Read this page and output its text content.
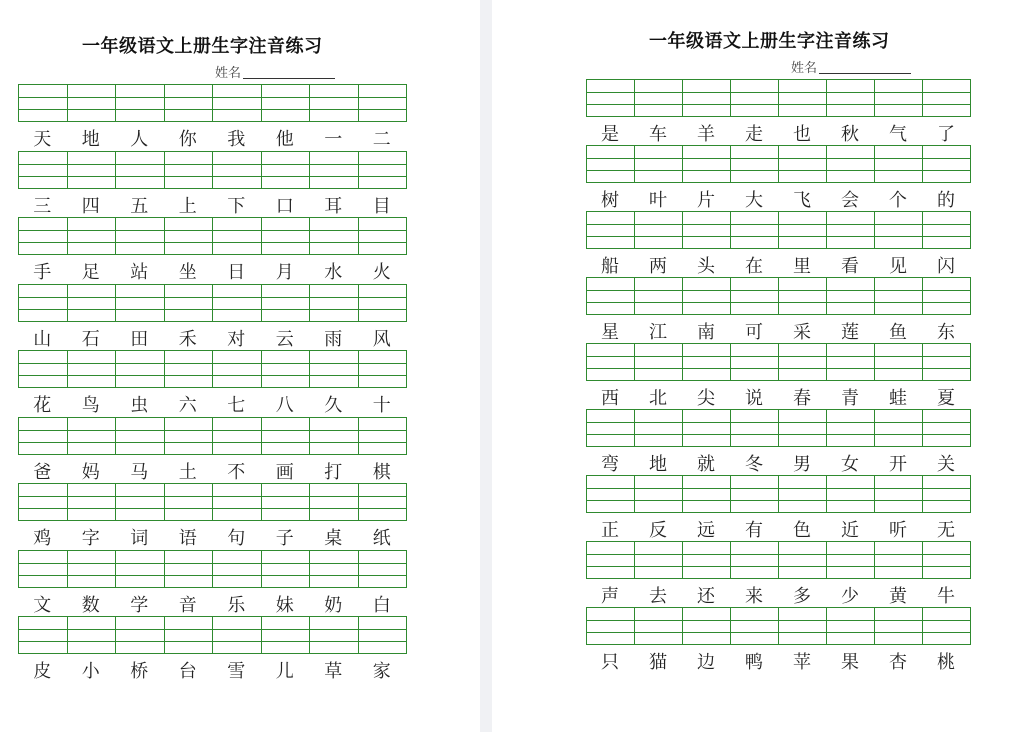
一年级语文上册生字注音练习
姓名
天	地	人	你	我	他	一	二
三	四	五	上	下	口	耳	目
手	足	站	坐	日	月	水	火
山	石	田	禾	对	云	雨	风
花	鸟	虫	六	七	八	久	十
爸	妈	马	土	不	画	打	棋
鸡	字	词	语	句	子	桌	纸
文	数	学	音	乐	妹	奶	白
皮	小	桥	台	雪	儿	草	家
一年级语文上册生字注音练习
姓名
是	车	羊	走	也	秋	气	了
树	叶	片	大	飞	会	个	的
船	两	头	在	里	看	见	闪
星	江	南	可	采	莲	鱼	东
西	北	尖	说	春	青	蛙	夏
弯	地	就	冬	男	女	开	关
正	反	远	有	色	近	听	无
声	去	还	来	多	少	黄	牛
只	猫	边	鸭	苹	果	杏	桃
